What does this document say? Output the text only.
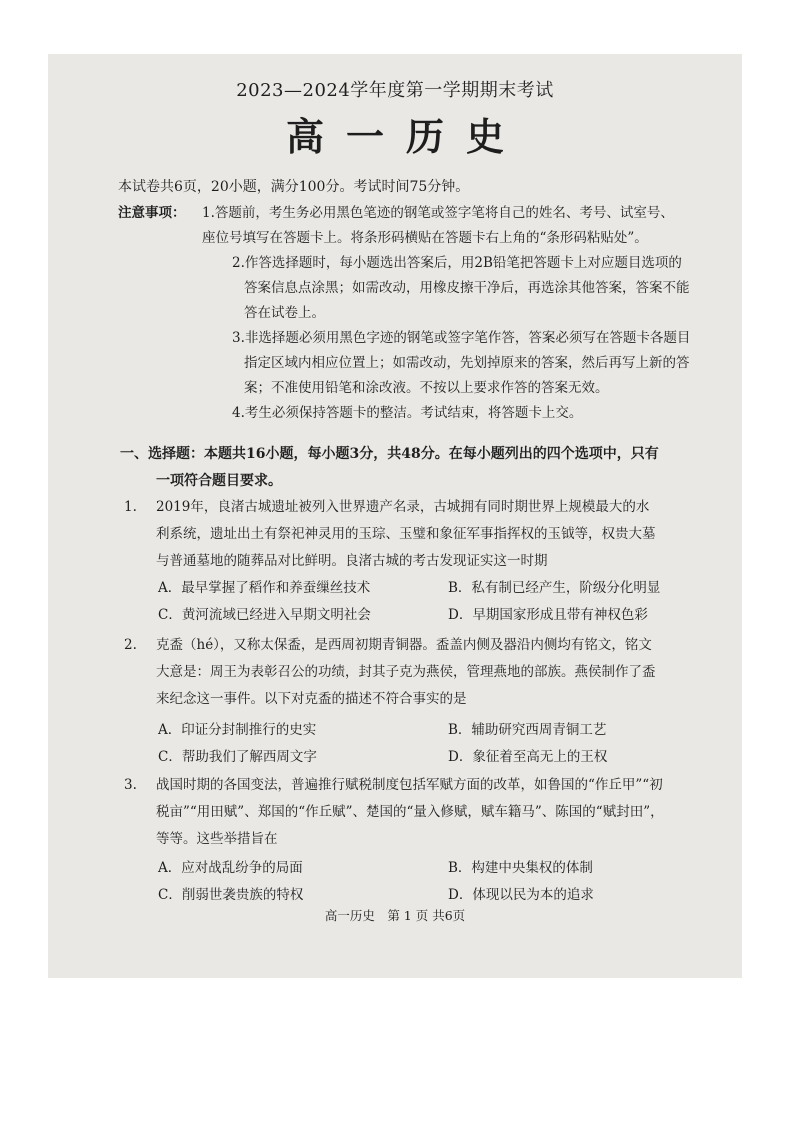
2023—2024学年度第一学期期末考试
高一历史
本试卷共6页，20小题，满分100分。考试时间75分钟。
注意事项： 1.答题前，考生务必用黑色笔迹的钢笔或签字笔将自己的姓名、考号、试室号、
座位号填写在答题卡上。将条形码横贴在答题卡右上角的“条形码粘贴处”。
2.作答选择题时，每小题选出答案后，用2B铅笔把答题卡上对应题目选项的
答案信息点涂黑；如需改动，用橡皮擦干净后，再选涂其他答案，答案不能
答在试卷上。
3.非选择题必须用黑色字迹的钢笔或签字笔作答，答案必须写在答题卡各题目
指定区域内相应位置上；如需改动，先划掉原来的答案，然后再写上新的答
案；不准使用铅笔和涂改液。不按以上要求作答的答案无效。
4.考生必须保持答题卡的整洁。考试结束，将答题卡上交。
一、选择题：本题共16小题，每小题3分，共48分。在每小题列出的四个选项中，只有
一项符合题目要求。
1.	2019年，良渚古城遗址被列入世界遗产名录，古城拥有同时期世界上规模最大的水
利系统，遗址出土有祭祀神灵用的玉琮、玉璧和象征军事指挥权的玉钺等，权贵大墓
与普通墓地的随葬品对比鲜明。良渚古城的考古发现证实这一时期
A．最早掌握了稻作和养蚕缫丝技术	B．私有制已经产生，阶级分化明显
C．黄河流域已经进入早期文明社会	D．早期国家形成且带有神权色彩
2.	克盉（hé），又称太保盉，是西周初期青铜器。盉盖内侧及器沿内侧均有铭文，铭文
大意是：周王为表彰召公的功绩，封其子克为燕侯，管理燕地的部族。燕侯制作了盉
来纪念这一事件。以下对克盉的描述不符合事实的是
A．印证分封制推行的史实	B．辅助研究西周青铜工艺
C．帮助我们了解西周文字	D．象征着至高无上的王权
3.	战国时期的各国变法，普遍推行赋税制度包括军赋方面的改革，如鲁国的“作丘甲”“初
税亩”“用田赋”、郑国的“作丘赋”、楚国的“量入修赋，赋车籍马”、陈国的“赋封田”，
等等。这些举措旨在
A．应对战乱纷争的局面	B．构建中央集权的体制
C．削弱世袭贵族的特权	D．体现以民为本的追求
高一历史　第 1 页 共6页
